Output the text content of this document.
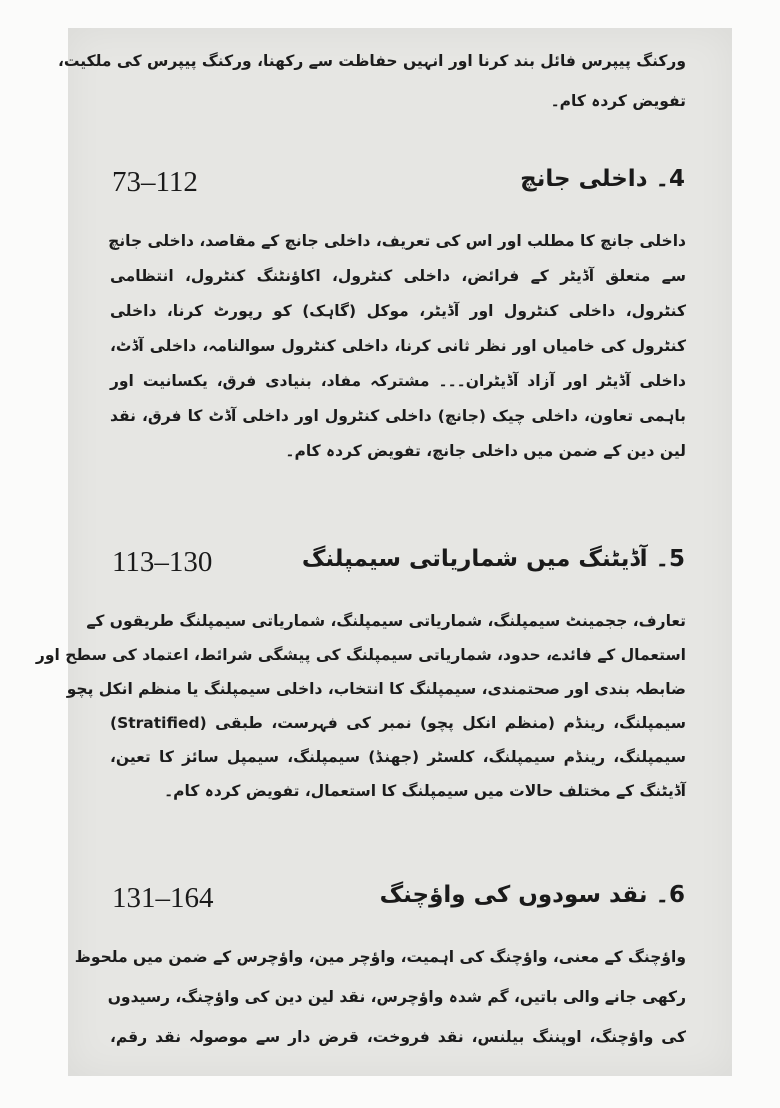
ورکنگ پیپرس فائل بند کرنا اور انہیں حفاظت سے رکھنا، ورکنگ پیپرس کی ملکیت،
تفویض کردہ کام۔
4۔ داخلی جانچ
73–112
داخلی جانچ کا مطلب اور اس کی تعریف، داخلی جانچ کے مقاصد، داخلی جانچ
سے متعلق آڈیٹر کے فرائض، داخلی کنٹرول، اکاؤنٹنگ کنٹرول، انتظامی
کنٹرول، داخلی کنٹرول اور آڈیٹر، موکل (گاہک) کو رپورٹ کرنا، داخلی
کنٹرول کی خامیاں اور نظر ثانی کرنا، داخلی کنٹرول سوالنامہ، داخلی آڈٹ،
داخلی آڈیٹر اور آزاد آڈیٹران۔۔۔ مشترکہ مفاد، بنیادی فرق، یکسانیت اور
باہمی تعاون، داخلی چیک (جانچ) داخلی کنٹرول اور داخلی آڈٹ کا فرق، نقد
لین دین کے ضمن میں داخلی جانچ، تفویض کردہ کام۔
5۔ آڈیٹنگ میں شماریاتی سیمپلنگ
113–130
تعارف، ججمینٹ سیمپلنگ، شماریاتی سیمپلنگ، شماریاتی سیمپلنگ طریقوں کے
استعمال کے فائدے، حدود، شماریاتی سیمپلنگ کی پیشگی شرائط، اعتماد کی سطح اور
ضابطہ بندی اور صحتمندی، سیمپلنگ کا انتخاب، داخلی سیمپلنگ یا منظم انکل پچو
سیمپلنگ، رینڈم (منظم انکل پچو) نمبر کی فہرست، طبقی (Stratified)
سیمپلنگ، رینڈم سیمپلنگ، کلسٹر (جھنڈ) سیمپلنگ، سیمپل سائز کا تعین،
آڈیٹنگ کے مختلف حالات میں سیمپلنگ کا استعمال، تفویض کردہ کام۔
6۔ نقد سودوں کی واؤچنگ
131–164
واؤچنگ کے معنی، واؤچنگ کی اہمیت، واؤچر مین، واؤچرس کے ضمن میں ملحوظ
رکھی جانے والی باتیں، گم شدہ واؤچرس، نقد لین دین کی واؤچنگ، رسیدوں
کی واؤچنگ، اوپننگ بیلنس، نقد فروخت، قرض دار سے موصولہ نقد رقم،
